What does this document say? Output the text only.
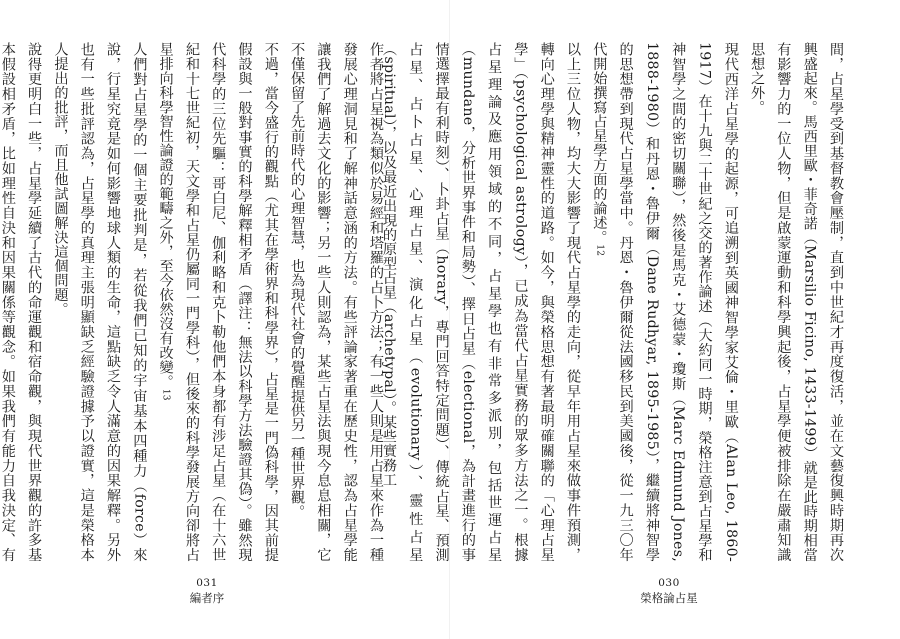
作者將占星視為類似於易經和塔羅的占卜方法；有一些人則是用占星來作為一種發展心理洞見和了解神話意涵的方法。有些評論家著重在歷史性，認為占星學能讓我們了解過去文化的影響；另一些人則認為，某些占星法與現今息息相關，它不僅保留了先前時代的心理智慧，也為現代社會的覺醒提供另一種世界觀。

不過，當今盛行的觀點（尤其在學術界和科學界），占星是一門偽科學，因其前提假設與一般對事實的科學解釋相矛盾（譯注：無法以科學方法驗證其偽）。雖然現代科學的三位先驅：哥白尼、伽利略和克卜勒他們本身都有涉足占星（在十六世紀和十七世紀初，天文學和占星仍屬同一門學科），但後來的科學發展方向卻將占星排向科學智性論證的範疇之外，至今依然沒有改變。13

人們對占星學的一個主要批判是，若從我們已知的宇宙基本四種力（force）來說，行星究竟是如何影響地球人類的生命，這點缺乏令人滿意的因果解釋。另外也有一些批評認為，占星學的真理主張明顯缺乏經驗證據予以證實，這是榮格本人提出的批評，而且他試圖解決這個問題。

說得更明白一些，占星學延續了古代的命運觀和宿命觀，與現代世界觀的許多基本假設相矛盾，比如理性自決和因果關係等觀念。如果我們有能力自我決定、有

031
編者序

間，占星學受到基督教會壓制，直到中世紀才再度復活，並在文藝復興時期再次興盛起來。馬西里歐・菲奇諾（Marsilio Ficino, 1433-1499）就是此時期相當有影響力的一位人物，但是啟蒙運動和科學興起後，占星學便被排除在嚴肅知識思想之外。

現代西洋占星學的起源，可追溯到英國神智學家艾倫・里歐（Alan Leo, 1860-1917）在十九與二十世紀之交的著作論述（大約同一時期，榮格注意到占星學和神智學之間的密切關聯），然後是馬克・艾德蒙・瓊斯（Marc Edmund Jones, 1888-1980）和丹恩・魯伊爾（Dane Rudhyar, 1895-1985），繼續將神智學的思想帶到現代占星學當中。丹恩・魯伊爾從法國移民到美國後，從一九三〇年代開始撰寫占星學方面的論述。12

以上三位人物，均大大影響了現代占星學的走向，從早年用占星來做事件預測，轉向心理學與精神靈性的道路。如今，與榮格思想有著最明確關聯的「心理占星學」（psychological astrology），已成為當代占星實務的眾多方法之一。根據占星理論及應用領域的不同，占星學也有非常多派別，包括世運占星（mundane，分析世界事件和局勢）、擇日占星（electional，為計畫進行的事情選擇最有利時刻）、卜卦占星（horary，專門回答特定問題）、傳統占星、預測占星、占卜占星、心理占星、演化占星（evolutionary）、靈性占星（spiritual），以及最近出現的原型占星（archetypal）。某些實務工

030
榮格論占星
